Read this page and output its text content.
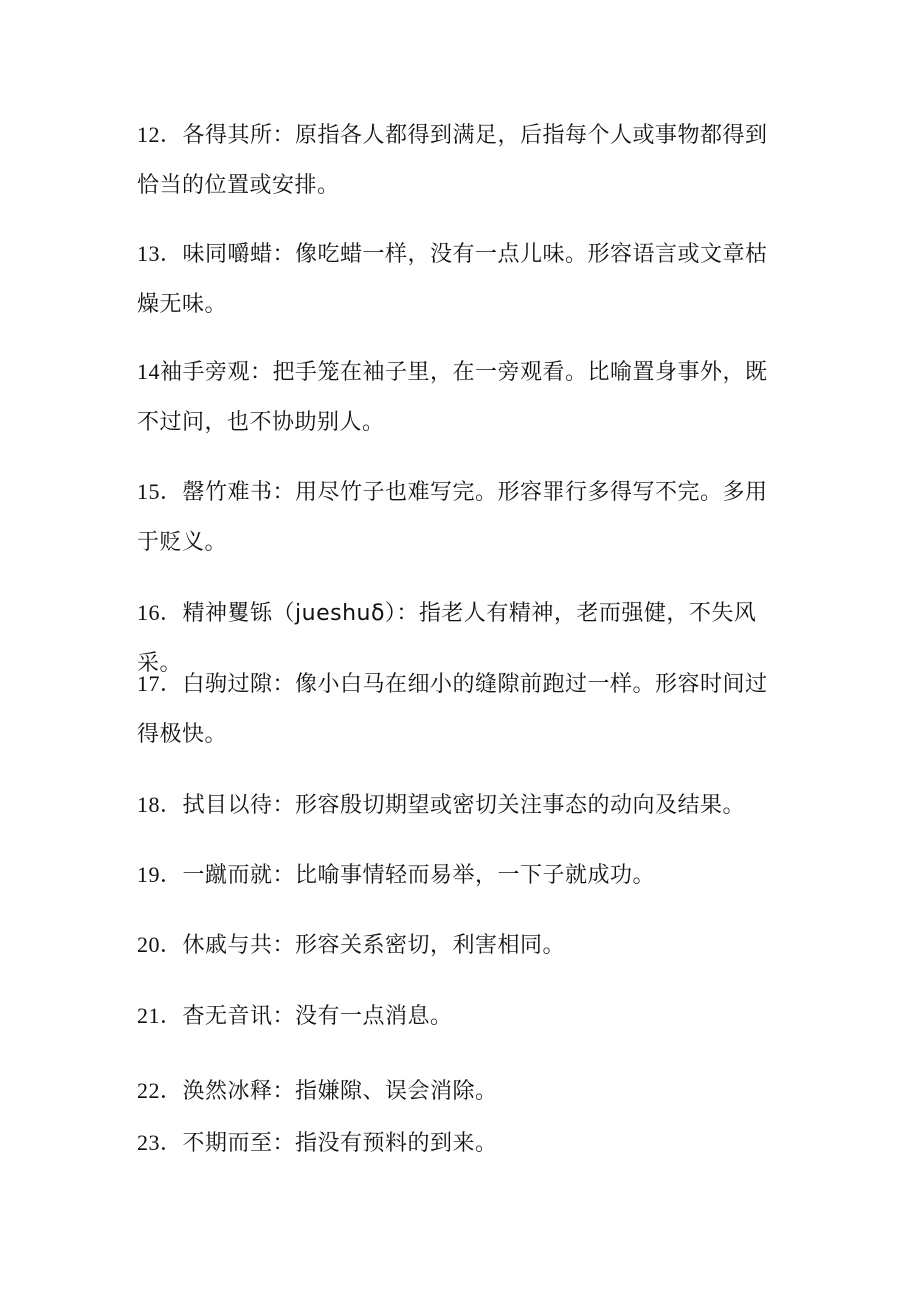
12．各得其所：原指各人都得到满足，后指每个人或事物都得到恰当的位置或安排。
13．味同嚼蜡：像吃蜡一样，没有一点儿味。形容语言或文章枯燥无味。
14袖手旁观：把手笼在袖子里，在一旁观看。比喻置身事外，既不过问，也不协助别人。
15．罄竹难书：用尽竹子也难写完。形容罪行多得写不完。多用于贬义。
16．精神矍铄（jueshuδ）：指老人有精神，老而强健，不失风采。
17．白驹过隙：像小白马在细小的缝隙前跑过一样。形容时间过得极快。
18．拭目以待：形容殷切期望或密切关注事态的动向及结果。
19．一蹴而就：比喻事情轻而易举，一下子就成功。
20．休戚与共：形容关系密切，利害相同。
21．杳无音讯：没有一点消息。
22．涣然冰释：指嫌隙、误会消除。
23．不期而至：指没有预料的到来。
